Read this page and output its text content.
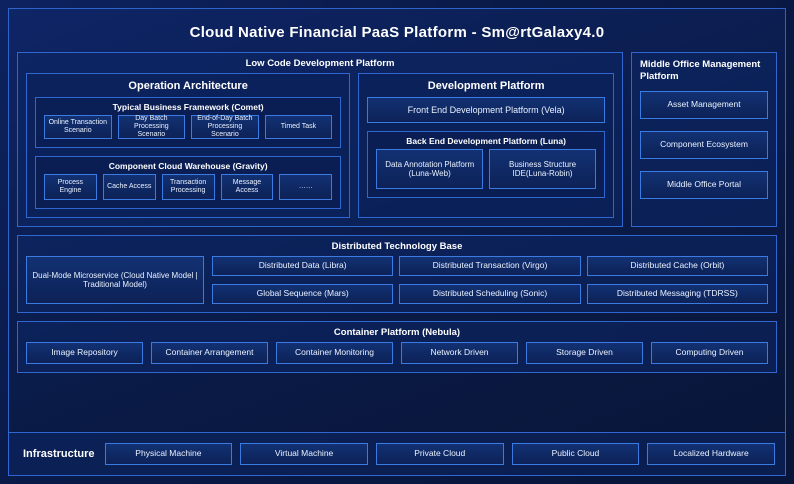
Cloud Native Financial PaaS Platform - Sm@rtGalaxy4.0
Low Code Development Platform
Operation Architecture
Typical Business Framework (Comet)
Online Transaction Scenario
Day Batch Processing Scenario
End-of-Day Batch Processing Scenario
Timed Task
Component Cloud Warehouse (Gravity)
Process Engine
Cache Access
Transaction Processing
Message Access
……
Development Platform
Front End Development Platform (Vela)
Back End Development Platform (Luna)
Data Annotation Platform (Luna-Web)
Business Structure IDE(Luna-Robin)
Middle Office Management Platform
Asset Management
Component Ecosystem
Middle Office Portal
Distributed Technology Base
Dual-Mode Microservice (Cloud Native Model | Traditional Model)
Distributed Data (Libra)	Distributed Transaction (Virgo)	Distributed Cache (Orbit)
Global Sequence (Mars)	Distributed Scheduling (Sonic)	Distributed Messaging (TDRSS)
Container Platform (Nebula)
Image Repository	Container Arrangement	Container Monitoring	Network Driven	Storage Driven	Computing Driven
Infrastructure	Physical Machine	Virtual Machine	Private Cloud	Public Cloud	Localized Hardware
